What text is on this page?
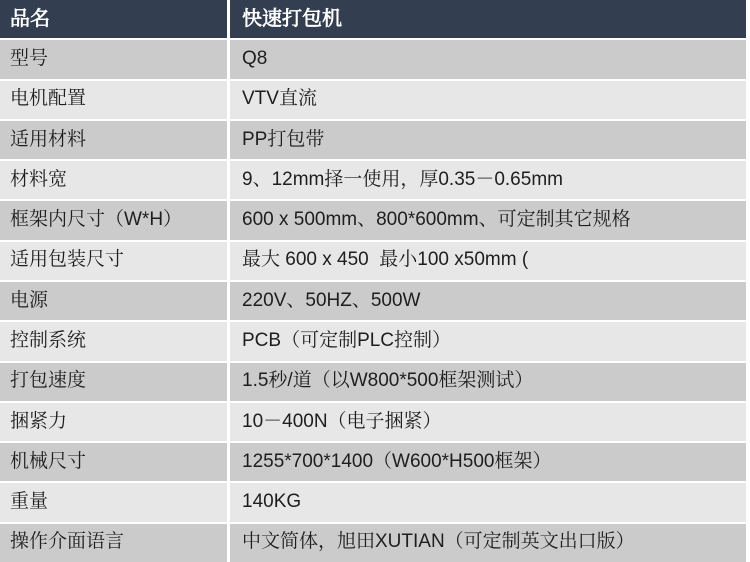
品名	快速打包机
型号	Q8
电机配置	VTV直流
适用材料	PP打包带
材料宽	9、12mm择一使用，厚0.35－0.65mm
框架内尺寸（W*H）	600 x 500mm、800*600mm、可定制其它规格
适用包装尺寸	最大 600 x 450  最小100 x50mm (
电源	220V、50HZ、500W
控制系统	PCB（可定制PLC控制）
打包速度	1.5秒/道（以W800*500框架测试）
捆紧力	10－400N（电子捆紧）
机械尺寸	1255*700*1400（W600*H500框架）
重量	140KG
操作介面语言	中文简体，旭田XUTIAN（可定制英文出口版）
